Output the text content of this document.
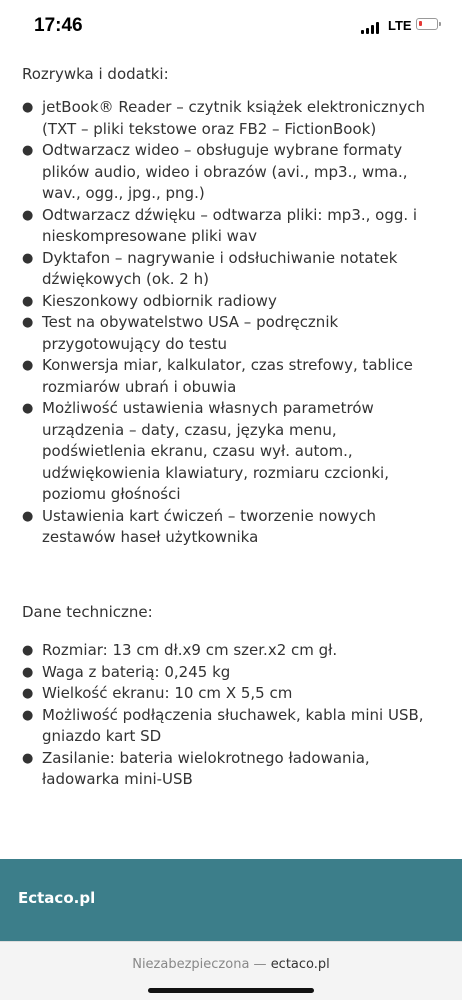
17:46	LTE
Rozrywka i dodatki:
● jetBook® Reader – czytnik książek elektronicznych (TXT – pliki tekstowe oraz FB2 – FictionBook)
● Odtwarzacz wideo – obsługuje wybrane formaty plików audio, wideo i obrazów (avi., mp3., wma., wav., ogg., jpg., png.)
● Odtwarzacz dźwięku – odtwarza pliki: mp3., ogg. i nieskompresowane pliki wav
● Dyktafon – nagrywanie i odsłuchiwanie notatek dźwiękowych (ok. 2 h)
● Kieszonkowy odbiornik radiowy
● Test na obywatelstwo USA – podręcznik przygotowujący do testu
● Konwersja miar, kalkulator, czas strefowy, tablice rozmiarów ubrań i obuwia
● Możliwość ustawienia własnych parametrów urządzenia – daty, czasu, języka menu, podświetlenia ekranu, czasu wył. autom., udźwiękowienia klawiatury, rozmiaru czcionki, poziomu głośności
● Ustawienia kart ćwiczeń – tworzenie nowych zestawów haseł użytkownika
Dane techniczne:
● Rozmiar: 13 cm dł.x9 cm szer.x2 cm gł.
● Waga z baterią: 0,245 kg
● Wielkość ekranu: 10 cm X 5,5 cm
● Możliwość podłączenia słuchawek, kabla mini USB, gniazdo kart SD
● Zasilanie: bateria wielokrotnego ładowania, ładowarka mini-USB
Ectaco.pl
Niezabezpieczona — ectaco.pl
